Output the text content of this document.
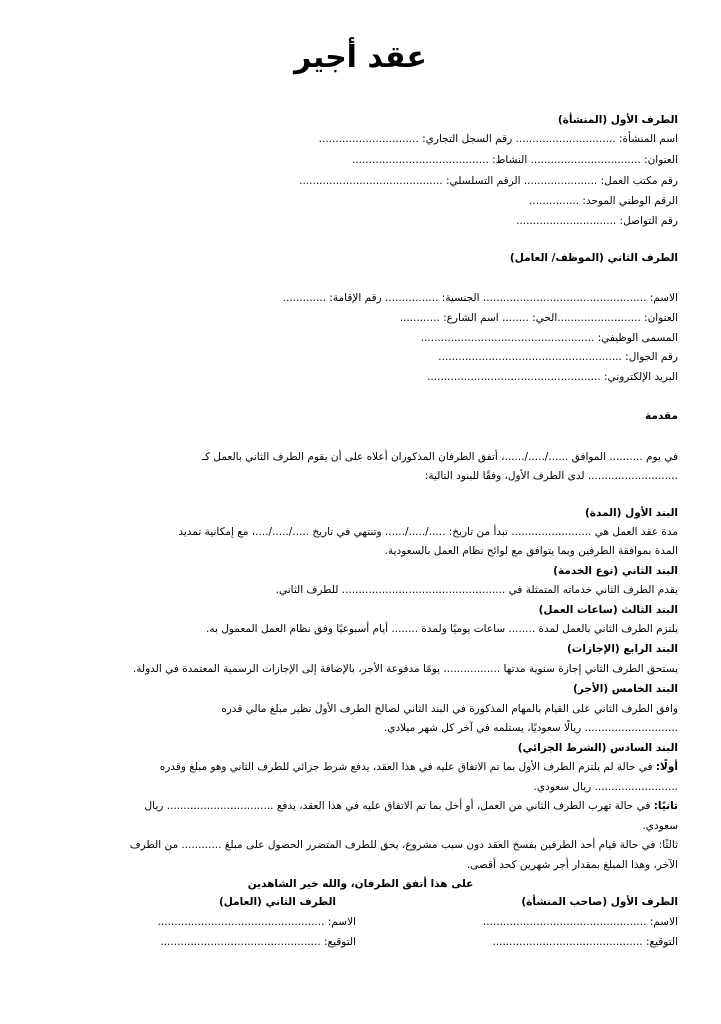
عقد أجير
الطرف الأول (المنشأة)
اسم المنشأة: .............................. رقم السجل التجاري: ..............................
العنوان: ................................. النشاط: .........................................
رقم مكتب العمل: ...................... الرقم التسلسلي: ...........................................
الرقم الوطني الموحد: ...............
رقم التواصل: ..............................
الطرف الثاني (الموظف/ العامل)
الاسم: ................................................. الجنسية: ................ رقم الإقامة: .............
العنوان: .........................الحي: ........ اسم الشارع: ............
المسمى الوظيفي: ....................................................
رقم الجوال: .......................................................
البريد الإلكتروني: ....................................................
مقدمة
في يوم .......... الموافق ....../...../......، أتفق الطرفان المذكوران أعلاه على أن يقوم الطرف الثاني بالعمل كـ
........................... لدى الطرف الأول، وفقًا للبنود التالية:
البند الأول (المدة)
مدة عقد العمل هي ........................ تبدأ من تاريخ: ...../...../...... وتنتهي في تاريخ ...../...../....، مع إمكانية تمديد
المدة بموافقة الطرفين وبما يتوافق مع لوائح نظام العمل بالسعودية.
البند الثاني (نوع الخدمة)
يقدم الطرف الثاني خدماته المتمثلة في ................................................. للطرف الثاني.
البند الثالث (ساعات العمل)
يلتزم الطرف الثاني بالعمل لمدة ........ ساعات يوميًا ولمدة ........ أيام أسبوعيًا وفق نظام العمل المعمول به.
البند الرابع (الإجازات)
يستحق الطرف الثاني إجازة سنوية مدتها ................. يومًا مدفوعة الأجر، بالإضافة إلى الإجازات الرسمية المعتمدة في الدولة.
البند الخامس (الأجر)
وافق الطرف الثاني على القيام بالمهام المذكورة في البند الثاني لصالح الطرف الأول نظير مبلغ مالي قدره
............................ ريالًا سعوديًا، يستلمه في آخر كل شهر ميلادي.
البند السادس (الشرط الجزائي)
أولًا: في حالة لم يلتزم الطرف الأول بما تم الاتفاق عليه في هذا العقد، يدفع شرط جزائي للطرف الثاني وهو مبلغ وقدره
......................... ريال سعودي.
ثانيًا: في حالة تهرب الطرف الثاني من العمل، أو أخل بما تم الاتفاق عليه في هذا العقد، يدفع ................................ ريال
سعودي.
ثالثًا: في حالة قيام أحد الطرفين بفسخ العقد دون سبب مشروع، يحق للطرف المتضرر الحصول على مبلغ ............ من الطرف
الآخر، وهذا المبلغ بمقدار أجر شهرين كحد أقصى.
على هذا أتفق الطرفان، والله خير الشاهدين
الطرف الأول (صاحب المنشأة)
الطرف الثاني (العامل)
الاسم: .................................................
الاسم: ..................................................
التوقيع: .............................................
التوقيع: ................................................
